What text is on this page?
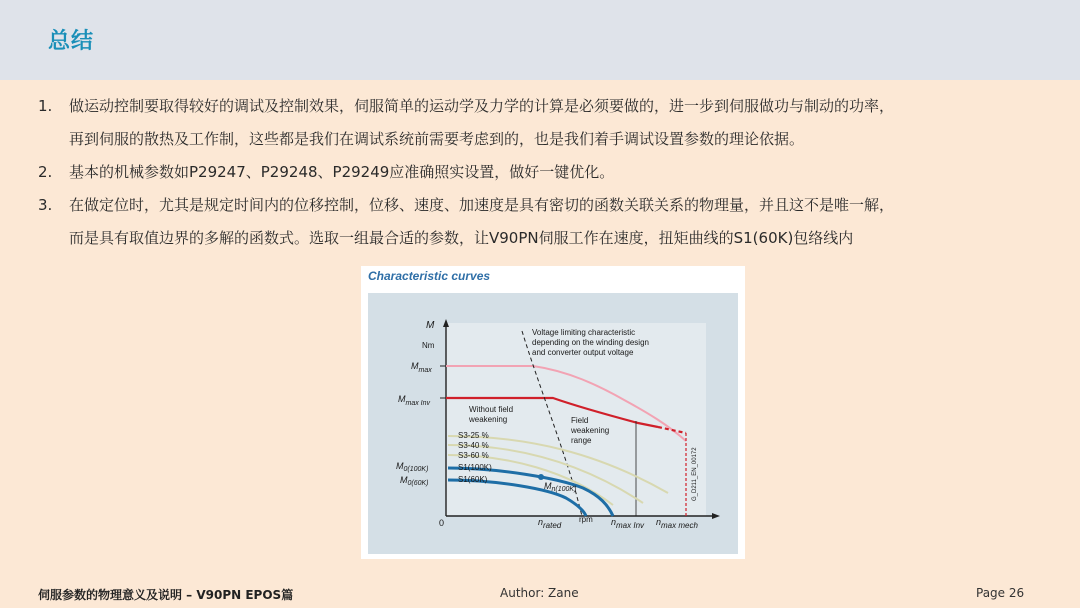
总结
1. 做运动控制要取得较好的调试及控制效果，伺服简单的运动学及力学的计算是必须要做的，进一步到伺服做功与制动的功率，
再到伺服的散热及工作制，这些都是我们在调试系统前需要考虑到的，也是我们着手调试设置参数的理论依据。
2. 基本的机械参数如P29247、P29248、P29249应准确照实设置，做好一键优化。
3. 在做定位时，尤其是规定时间内的位移控制，位移、速度、加速度是具有密切的函数关联关系的物理量，并且这不是唯一解，
而是具有取值边界的多解的函数式。选取一组最合适的参数，让V90PN伺服工作在速度，扭矩曲线的S1(60K)包络线内
Characteristic curves
M
Nm
$M_{max}$
$M_{max Inv}$
$M_{0(100K)}$
$M_{0(60K)}$
0
S3-25 %
S3-40 %
S3-60 %
S1(100K)
S1(60K)
Without field
weakening	Field
weakening
range
Voltage limiting characteristic
depending on the winding design
and converter output voltage
$M_{n(100K)}$
nrated
rpm nmax Inv nmax mech
G_D211_EN_00172
伺服参数的物理意义及说明 – V90PN EPOS篇	Author: Zane	Page 26
